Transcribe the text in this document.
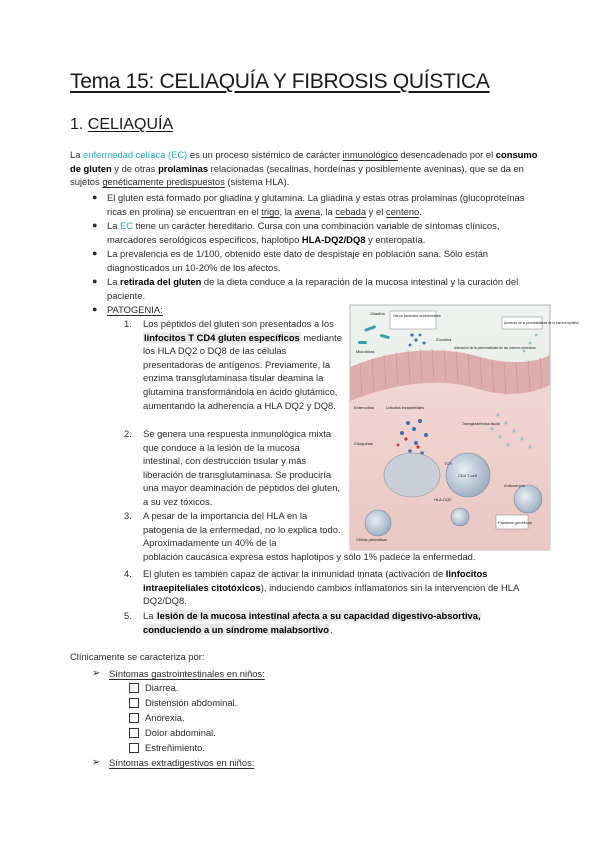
Tema 15: CELIAQUÍA Y FIBROSIS QUÍSTICA
1. CELIAQUÍA
La enfermedad celíaca (EC) es un proceso sistémico de carácter inmunológico desencadenado por el consumo de gluten y de otras prolaminas relacionadas (secalinas, hordeínas y posiblemente aveninas), que se da en sujetos genéticamente predispuestos (sistema HLA).
● El gluten está formado por gliadina y glutamina. La gliadina y estas otras prolaminas (glucoproteínas ricas en prolina) se encuentran en el trigo, la avena, la cebada y el centeno.
● La EC tiene un carácter hereditario. Cursa con una combinación variable de síntomas clínicos, marcadores serológicos específicos, haplotipo HLA-DQ2/DQ8 y enteropatía.
● La prevalencia es de 1/100, obtenido este dato de despistaje en población sana. Sólo están diagnosticados un 10-20% de los afectos.
● La retirada del gluten de la dieta conduce a la reparación de la mucosa intestinal y la curación del paciente.
● PATOGENIA:
1. Los péptidos del gluten son presentados a los linfocitos T CD4 gluten específicos mediante los HLA DQ2 o DQ8 de las células presentadoras de antígenos. Previamente, la enzima transglutaminasa tisular deamina la glutamina transformándola en ácido glutámico, aumentando la adherencia a HLA DQ2 y DQ8.
2. Se genera una respuesta inmunológica mixta que conduce a la lesión de la mucosa intestinal, con destrucción tisular y más liberación de transglutaminasa. Se produciría una mayor deaminación de péptidos del gluten, a su vez tóxicos.
3. A pesar de la importancia del HLA en la patogenia de la enfermedad, no lo explica todo. Aproximadamente un 40% de la
población caucásica expresa estos haplotipos y sólo 1% padece la enfermedad.
4. El gluten es también capaz de activar la inmunidad innata (activación de linfocitos intraepiteliales citotóxicos), induciendo cambios inflamatorios sin la intervención de HLA DQ2/DQ8.
5. La lesión de la mucosa intestinal afecta a su capacidad digestivo-absortiva, conduciendo a un síndrome malabsortivo.
Gliadina Otros factores ambientales
Microbiota
Zonulina
Alteración de la permeabilidad de las uniones estrechas
Aumento de la permeabilidad de la barrera epitelial
Enterocitos	Linfocitos intraepiteliales
Transglutaminasa tisular
Citoquinas
Factores genéticos
CD4 T-cell
HLA-DQ2
TCR
Células plasmáticas
Anticuerpos
Clínicamente se caracteriza por:
➢ Síntomas gastrointestinales en niños:
Diarrea.
Distensión abdominal.
Anorexia.
Dolor abdominal.
Estreñimiento.
➢ Síntomas extradigestivos en niños:
